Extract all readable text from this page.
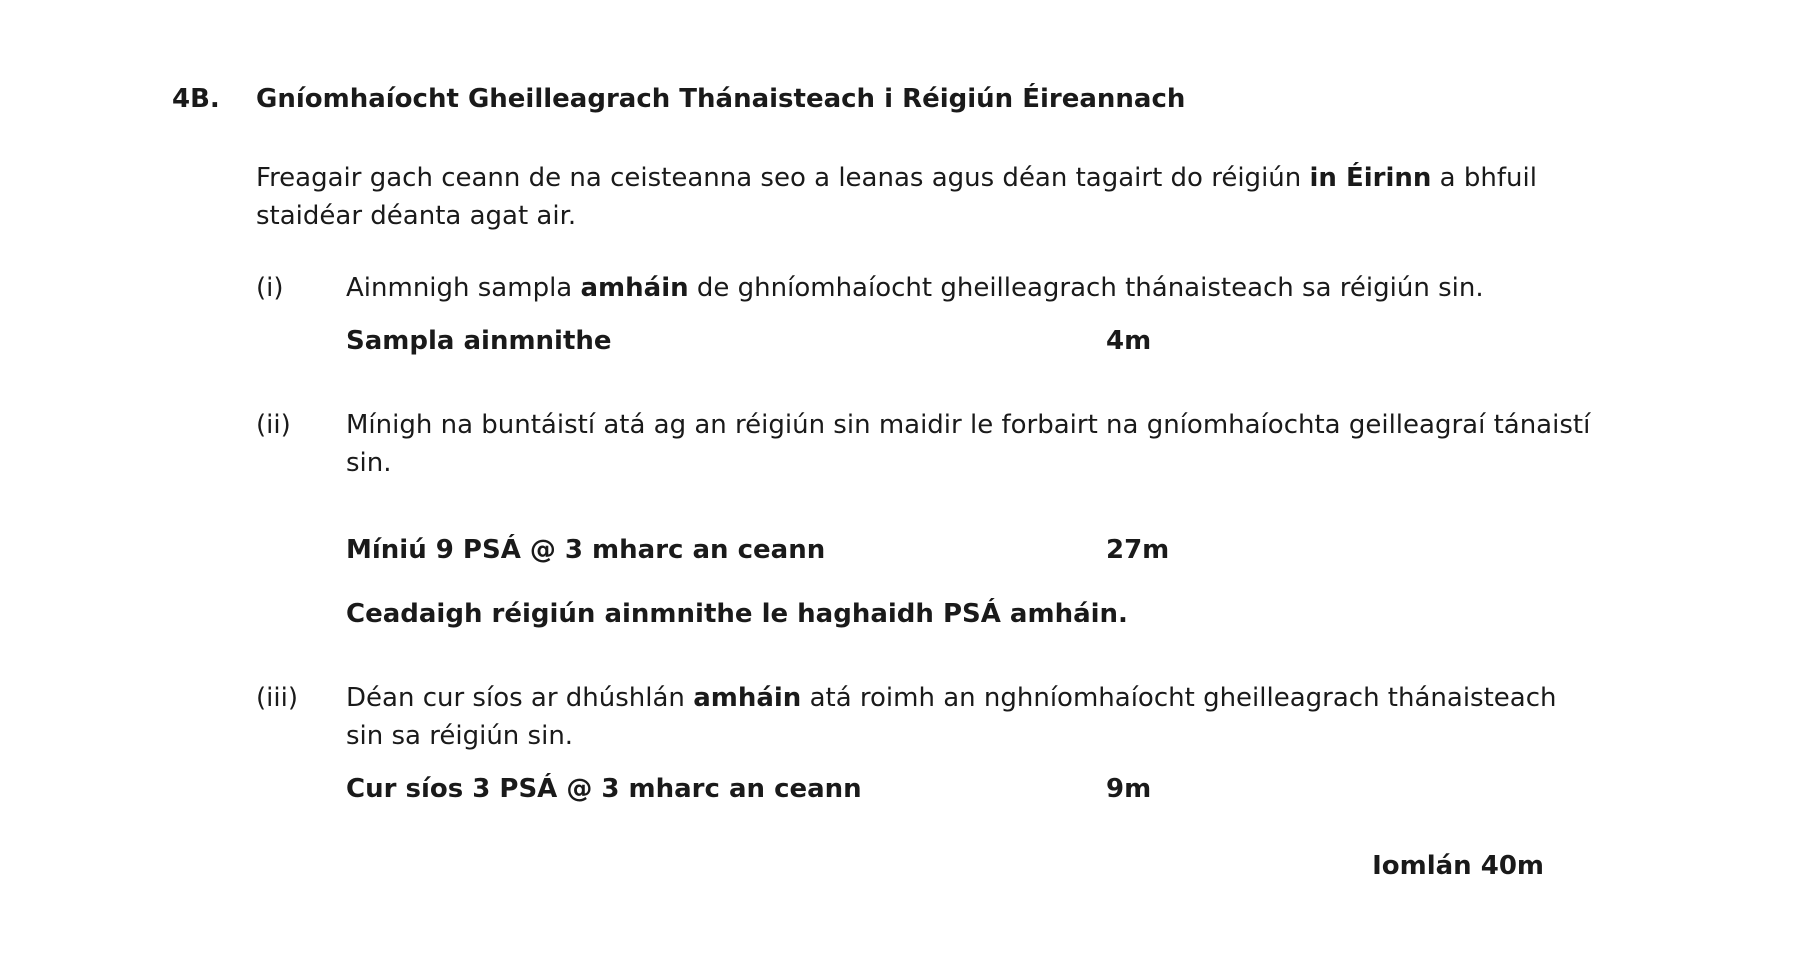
4B.	Gníomhaíocht Gheilleagrach Thánaisteach i Réigiún Éireannach
Freagair gach ceann de na ceisteanna seo a leanas agus déan tagairt do réigiún in Éirinn a bhfuil staidéar déanta agat air.
(i)	Ainmnigh sampla amháin de ghníomhaíocht gheilleagrach thánaisteach sa réigiún sin.
Sampla ainmnithe	4m
(ii)	Mínigh na buntáistí atá ag an réigiún sin maidir le forbairt na gníomhaíochta geilleagraí tánaistí sin.
Míniú 9 PSÁ @ 3 mharc an ceann	27m
Ceadaigh réigiún ainmnithe le haghaidh PSÁ amháin.
(iii)	Déan cur síos ar dhúshlán amháin atá roimh an nghníomhaíocht gheilleagrach thánaisteach sin sa réigiún sin.
Cur síos 3 PSÁ @ 3 mharc an ceann	9m
Iomlán 40m
